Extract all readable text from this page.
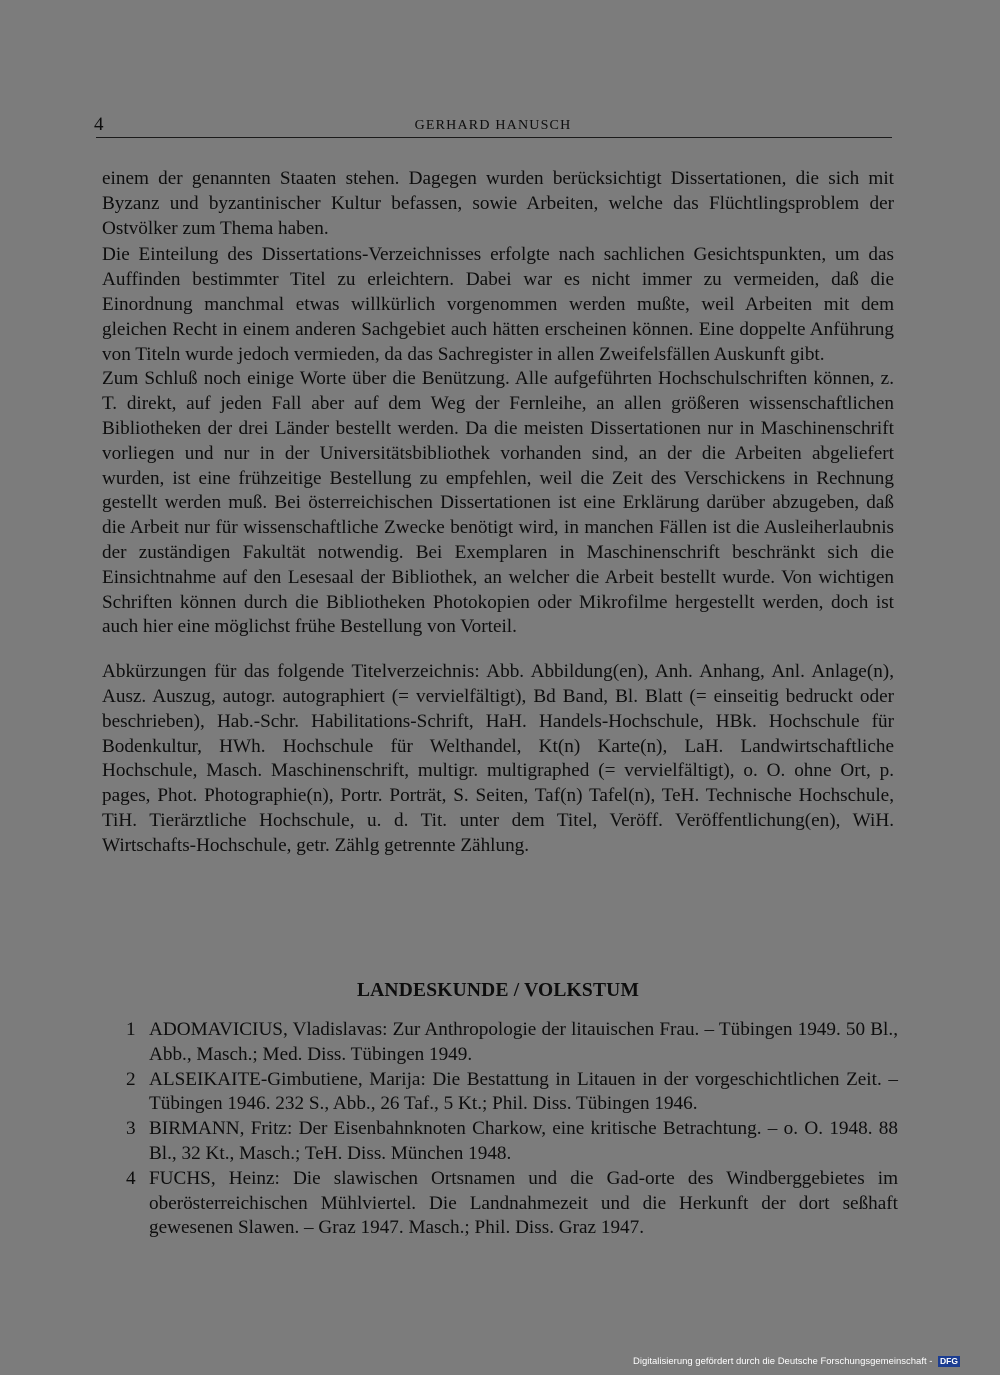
4	GERHARD HANUSCH

einem der genannten Staaten stehen. Dagegen wurden berücksichtigt Dissertationen, die sich mit Byzanz und byzantinischer Kultur befassen, sowie Arbeiten, welche das Flüchtlingsproblem der Ostvölker zum Thema haben.

Die Einteilung des Dissertations-Verzeichnisses erfolgte nach sachlichen Gesichtspunkten, um das Auffinden bestimmter Titel zu erleichtern. Dabei war es nicht immer zu vermeiden, daß die Einordnung manchmal etwas willkürlich vorgenommen werden mußte, weil Arbeiten mit dem gleichen Recht in einem anderen Sachgebiet auch hätten erscheinen können. Eine doppelte Anführung von Titeln wurde jedoch vermieden, da das Sachregister in allen Zweifelsfällen Auskunft gibt.

Zum Schluß noch einige Worte über die Benützung. Alle aufgeführten Hochschulschriften können, z. T. direkt, auf jeden Fall aber auf dem Weg der Fernleihe, an allen größeren wissenschaftlichen Bibliotheken der drei Länder bestellt werden. Da die meisten Dissertationen nur in Maschinenschrift vorliegen und nur in der Universitätsbibliothek vorhanden sind, an der die Arbeiten abgeliefert wurden, ist eine frühzeitige Bestellung zu empfehlen, weil die Zeit des Verschickens in Rechnung gestellt werden muß. Bei österreichischen Dissertationen ist eine Erklärung darüber abzugeben, daß die Arbeit nur für wissenschaftliche Zwecke benötigt wird, in manchen Fällen ist die Ausleiherlaubnis der zuständigen Fakultät notwendig. Bei Exemplaren in Maschinenschrift beschränkt sich die Einsichtnahme auf den Lesesaal der Bibliothek, an welcher die Arbeit bestellt wurde. Von wichtigen Schriften können durch die Bibliotheken Photokopien oder Mikrofilme hergestellt werden, doch ist auch hier eine möglichst frühe Bestellung von Vorteil.

Abkürzungen für das folgende Titelverzeichnis: Abb. Abbildung(en), Anh. Anhang, Anl. Anlage(n), Ausz. Auszug, autogr. autographiert (= vervielfältigt), Bd Band, Bl. Blatt (= einseitig bedruckt oder beschrieben), Hab.-Schr. Habilitations-Schrift, HaH. Handels-Hochschule, HBk. Hochschule für Bodenkultur, HWh. Hochschule für Welthandel, Kt(n) Karte(n), LaH. Landwirtschaftliche Hochschule, Masch. Maschinenschrift, multigr. multigraphed (= vervielfältigt), o. O. ohne Ort, p. pages, Phot. Photographie(n), Portr. Porträt, S. Seiten, Taf(n) Tafel(n), TeH. Technische Hochschule, TiH. Tierärztliche Hochschule, u. d. Tit. unter dem Titel, Veröff. Veröffentlichung(en), WiH. Wirtschafts-Hochschule, getr. Zählg getrennte Zählung.

LANDESKUNDE / VOLKSTUM
1 ADOMAVICIUS, Vladislavas: Zur Anthropologie der litauischen Frau. – Tübingen 1949. 50 Bl., Abb., Masch.; Med. Diss. Tübingen 1949.
2 ALSEIKAITE-Gimbutiene, Marija: Die Bestattung in Litauen in der vorgeschichtlichen Zeit. – Tübingen 1946. 232 S., Abb., 26 Taf., 5 Kt.; Phil. Diss. Tübingen 1946.
3 BIRMANN, Fritz: Der Eisenbahnknoten Charkow, eine kritische Betrachtung. – o. O. 1948. 88 Bl., 32 Kt., Masch.; TeH. Diss. München 1948.
4 FUCHS, Heinz: Die slawischen Ortsnamen und die Gad-orte des Windberggebietes im oberösterreichischen Mühlviertel. Die Landnahmezeit und die Herkunft der dort seßhaft gewesenen Slawen. – Graz 1947. Masch.; Phil. Diss. Graz 1947.
Digitalisierung gefördert durch die Deutsche Forschungsgemeinschaft - DFG
